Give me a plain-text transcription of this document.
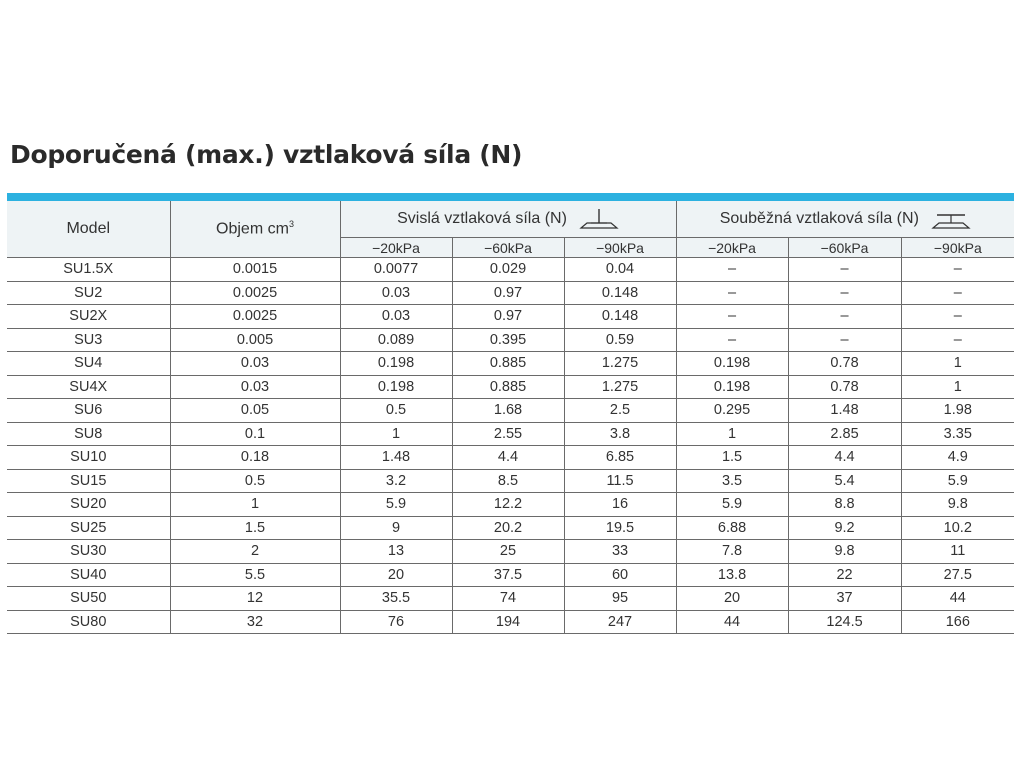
Doporučená (max.) vztlaková síla (N)
Model	Objem $cm^3$	Svislá vztlaková síla (N)			Souběžná vztlaková síla (N)		

		−20kPa	−60kPa	−90kPa	−20kPa	−60kPa	−90kPa
SU1.5X	0.0015	0.0077	0.029	0.04	–	–	–
SU2	0.0025	0.03	0.97	0.148	–	–	–
SU2X	0.0025	0.03	0.97	0.148	–	–	–
SU3	0.005	0.089	0.395	0.59	–	–	–
SU4	0.03	0.198	0.885	1.275	0.198	0.78	1
SU4X	0.03	0.198	0.885	1.275	0.198	0.78	1
SU6	0.05	0.5	1.68	2.5	0.295	1.48	1.98
SU8	0.1	1	2.55	3.8	1	2.85	3.35
SU10	0.18	1.48	4.4	6.85	1.5	4.4	4.9
SU15	0.5	3.2	8.5	11.5	3.5	5.4	5.9
SU20	1	5.9	12.2	16	5.9	8.8	9.8
SU25	1.5	9	20.2	19.5	6.88	9.2	10.2
SU30	2	13	25	33	7.8	9.8	11
SU40	5.5	20	37.5	60	13.8	22	27.5
SU50	12	35.5	74	95	20	37	44
SU80	32	76	194	247	44	124.5	166
